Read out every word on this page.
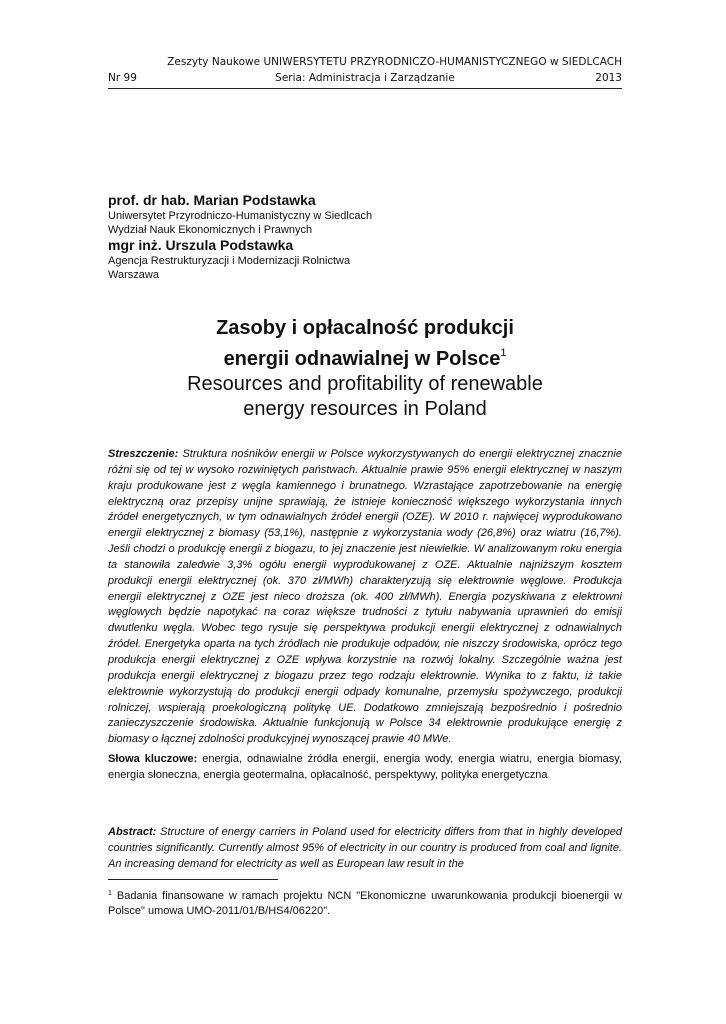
Zeszyty Naukowe UNIWERSYTETU PRZYRODNICZO-HUMANISTYCZNEGO w SIEDLCACH
Nr 99	Seria: Administracja i Zarządzanie	2013
prof. dr hab. Marian Podstawka
Uniwersytet Przyrodniczo-Humanistyczny w Siedlcach
Wydział Nauk Ekonomicznych i Prawnych
mgr inż. Urszula Podstawka
Agencja Restrukturyzacji i Modernizacji Rolnictwa
Warszawa
Zasoby i opłacalność produkcji
energii odnawialnej w Polsce$^1$
Resources and profitability of renewable
energy resources in Poland
Streszczenie: Struktura nośników energii w Polsce wykorzystywanych do energii elektrycznej znacznie różni się od tej w wysoko rozwiniętych państwach. Aktualnie prawie 95% energii elektrycznej w naszym kraju produkowane jest z węgla kamiennego i brunatnego. Wzrastające zapotrzebowanie na energię elektryczną oraz przepisy unijne sprawiają, że istnieje konieczność większego wykorzystania innych źródeł energetycznych, w tym odnawialnych źródeł energii (OZE). W 2010 r. najwięcej wyprodukowano energii elektrycznej z biomasy (53,1%), następnie z wykorzystania wody (26,8%) oraz wiatru (16,7%). Jeśli chodzi o produkcję energii z biogazu, to jej znaczenie jest niewielkie. W analizowanym roku energia ta stanowiła zaledwie 3,3% ogółu energii wyprodukowanej z OZE. Aktualnie najniższym kosztem produkcji energii elektrycznej (ok. 370 zł/MWh) charakteryzują się elektrownie węglowe. Produkcja energii elektrycznej z OZE jest nieco droższa (ok. 400 zł/MWh). Energia pozyskiwana z elektrowni węglowych będzie napotykać na coraz większe trudności z tytułu nabywania uprawnień do emisji dwutlenku węgla. Wobec tego rysuje się perspektywa produkcji energii elektrycznej z odnawialnych źródeł. Energetyka oparta na tych źródłach nie produkuje odpadów, nie niszczy środowiska, oprócz tego produkcja energii elektrycznej z OZE wpływa korzystnie na rozwój lokalny. Szczególnie ważna jest produkcja energii elektrycznej z biogazu przez tego rodzaju elektrownie. Wynika to z faktu, iż takie elektrownie wykorzystują do produkcji energii odpady komunalne, przemysłu spożywczego, produkcji rolniczej, wspierają proekologiczną politykę UE. Dodatkowo zmniejszają bezpośrednio i pośrednio zanieczyszczenie środowiska. Aktualnie funkcjonują w Polsce 34 elektrownie produkujące energię z biomasy o łącznej zdolności produkcyjnej wynoszącej prawie 40 MWe.
Słowa kluczowe: energia, odnawialne źródła energii, energia wody, energia wiatru, energia biomasy, energia słoneczna, energia geotermalna, opłacalność, perspektywy, polityka energetyczna
Abstract: Structure of energy carriers in Poland used for electricity differs from that in highly developed countries significantly. Currently almost 95% of electricity in our country is produced from coal and lignite. An increasing demand for electricity as well as European law result in the
$^1$ Badania finansowane w ramach projektu NCN "Ekonomiczne uwarunkowania produkcji bioenergii w Polsce" umowa UMO-2011/01/B/HS4/06220".
